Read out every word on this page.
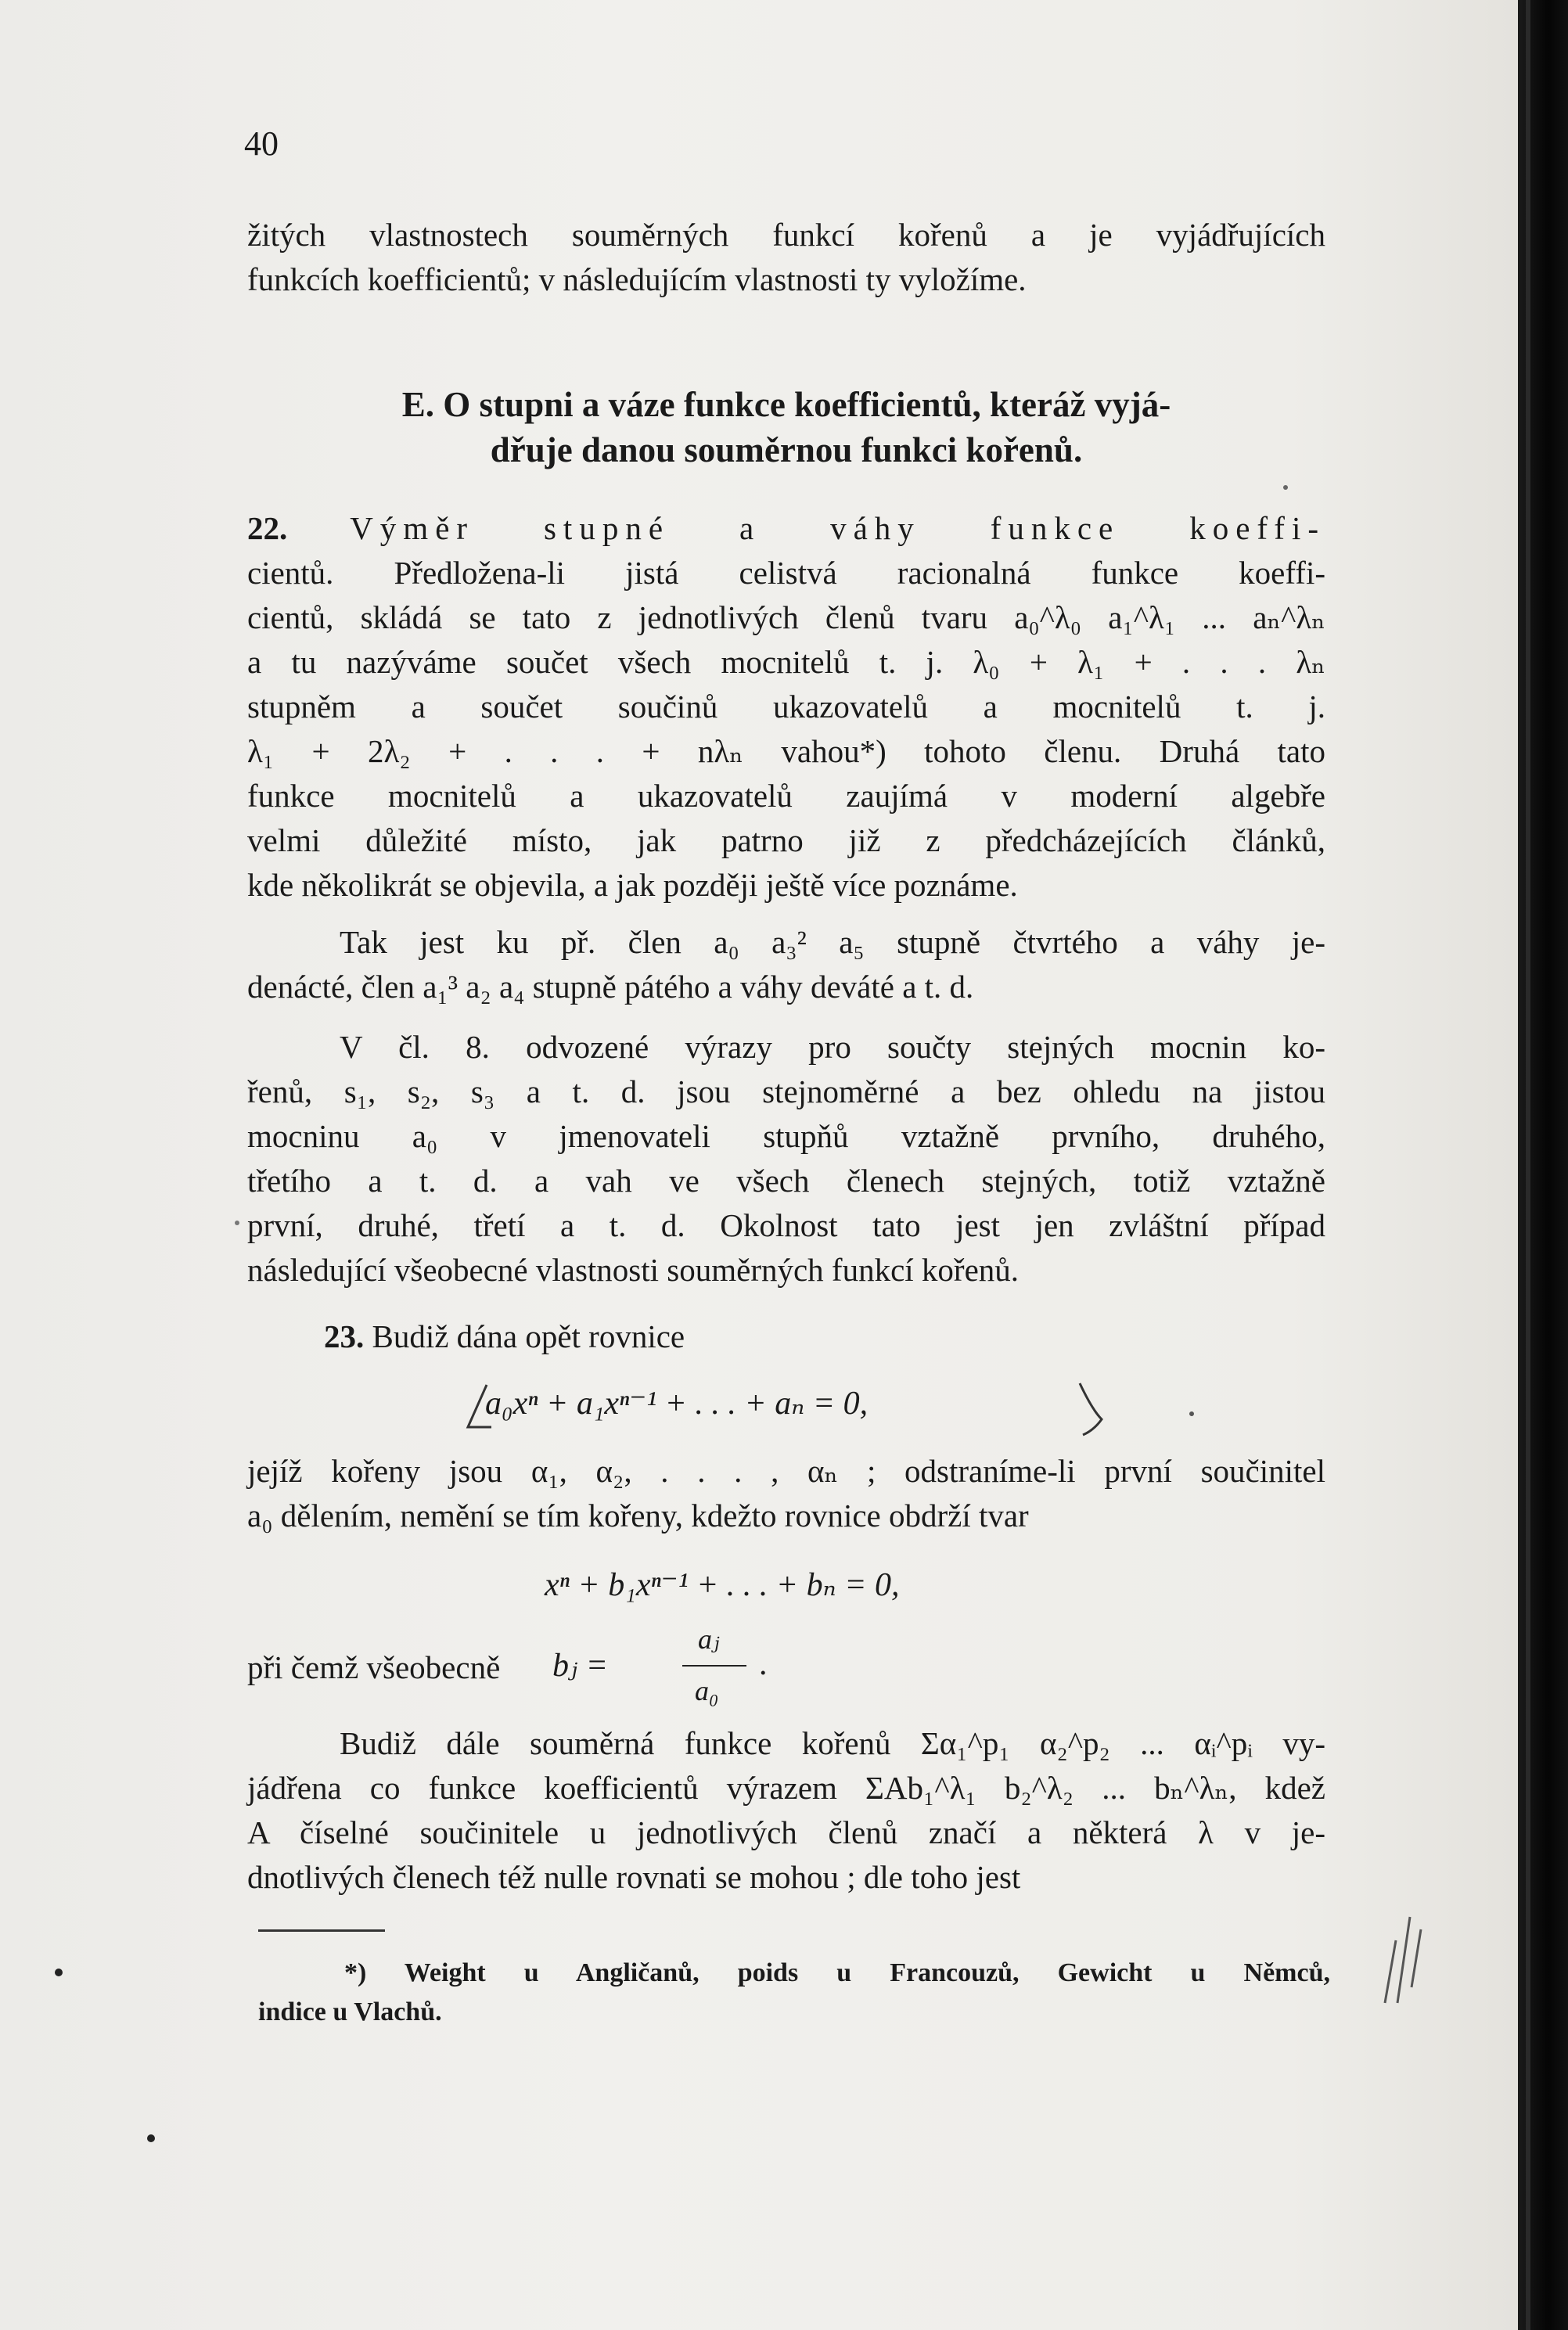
40
žitých vlastnostech souměrných funkcí kořenů a je vyjádřujících
funkcích koefficientů; v následujícím vlastnosti ty vyložíme.
E. O stupni a váze funkce koefficientů, kteráž vyjá-
dřuje danou souměrnou funkci kořenů.
22. Výměr stupné a váhy funkce koeffi-
cientů. Předložena-li jistá celistvá racionalná funkce koeffi-
cientů, skládá se tato z jednotlivých členů tvaru a₀^λ₀ a₁^λ₁ ... aₙ^λₙ
a tu nazýváme součet všech mocnitelů t. j. λ₀ + λ₁ + . . . λₙ
stupněm a součet součinů ukazovatelů a mocnitelů t. j.
λ₁ + 2λ₂ + . . . + nλₙ vahou*) tohoto členu. Druhá tato
funkce mocnitelů a ukazovatelů zaujímá v moderní algebře
velmi důležité místo, jak patrno již z předcházejících článků,
kde několikrát se objevila, a jak později ještě více poznáme.
Tak jest ku př. člen a₀ a₃² a₅ stupně čtvrtého a váhy je-
denácté, člen a₁³ a₂ a₄ stupně pátého a váhy deváté a t. d.
V čl. 8. odvozené výrazy pro součty stejných mocnin ko-
řenů, s₁, s₂, s₃ a t. d. jsou stejnoměrné a bez ohledu na jistou
mocninu a₀ v jmenovateli stupňů vztažně prvního, druhého,
třetího a t. d. a vah ve všech členech stejných, totiž vztažně
první, druhé, třetí a t. d. Okolnost tato jest jen zvláštní případ
následující všeobecné vlastnosti souměrných funkcí kořenů.
23. Budiž dána opět rovnice
a₀xⁿ + a₁xⁿ⁻¹ + . . . + aₙ = 0,
jejíž kořeny jsou α₁, α₂, . . . , αₙ ; odstraníme-li první součinitel
a₀ dělením, nemění se tím kořeny, kdežto rovnice obdrží tvar
xⁿ + b₁xⁿ⁻¹ + . . . + bₙ = 0,
při čemž všeobecně	bⱼ =
aⱼ
a₀
.
Budiž dále souměrná funkce kořenů Σα₁^p₁ α₂^p₂ ... αᵢ^pᵢ vy-
jádřena co funkce koefficientů výrazem ΣAb₁^λ₁ b₂^λ₂ ... bₙ^λₙ, kdež
A číselné součinitele u jednotlivých členů značí a některá λ v je-
dnotlivých členech též nulle rovnati se mohou ; dle toho jest
*) Weight u Angličanů, poids u Francouzů, Gewicht u Němců,
indice u Vlachů.
